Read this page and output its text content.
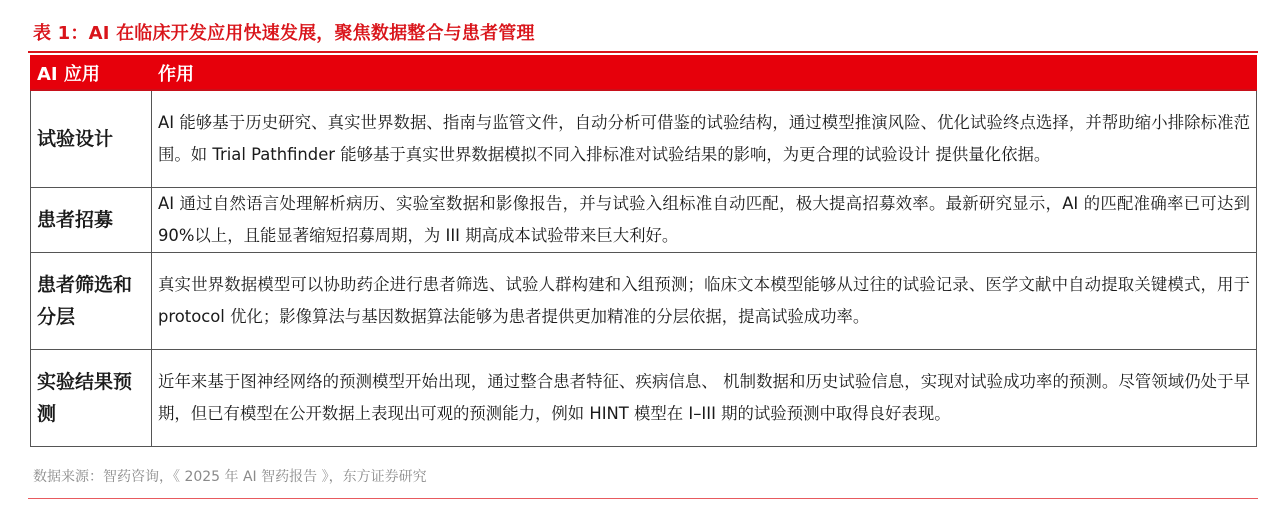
表 1：AI 在临床开发应用快速发展，聚焦数据整合与患者管理
AI 应用	作用
试验设计	AI 能够基于历史研究、真实世界数据、指南与监管文件，自动分析可借鉴的试验结构，通过模型推演风险、优化试验终点选择，并帮助缩小排除标准范围。如 Trial Pathfinder 能够基于真实世界数据模拟不同入排标准对试验结果的影响，为更合理的试验设计 提供量化依据。
患者招募	AI 通过自然语言处理解析病历、实验室数据和影像报告，并与试验入组标准自动匹配，极大提高招募效率。最新研究显示，AI 的匹配准确率已可达到 90%以上，且能显著缩短招募周期，为 III 期高成本试验带来巨大利好。
患者筛选和分层	真实世界数据模型可以协助药企进行患者筛选、试验人群构建和入组预测；临床文本模型能够从过往的试验记录、医学文献中自动提取关键模式，用于 protocol 优化；影像算法与基因数据算法能够为患者提供更加精准的分层依据，提高试验成功率。
实验结果预测	近年来基于图神经网络的预测模型开始出现，通过整合患者特征、疾病信息、 机制数据和历史试验信息，实现对试验成功率的预测。尽管领域仍处于早期，但已有模型在公开数据上表现出可观的预测能力，例如 HINT 模型在 I–III 期的试验预测中取得良好表现。
数据来源：智药咨询，《 2025 年 AI 智药报告 》，东方证券研究
